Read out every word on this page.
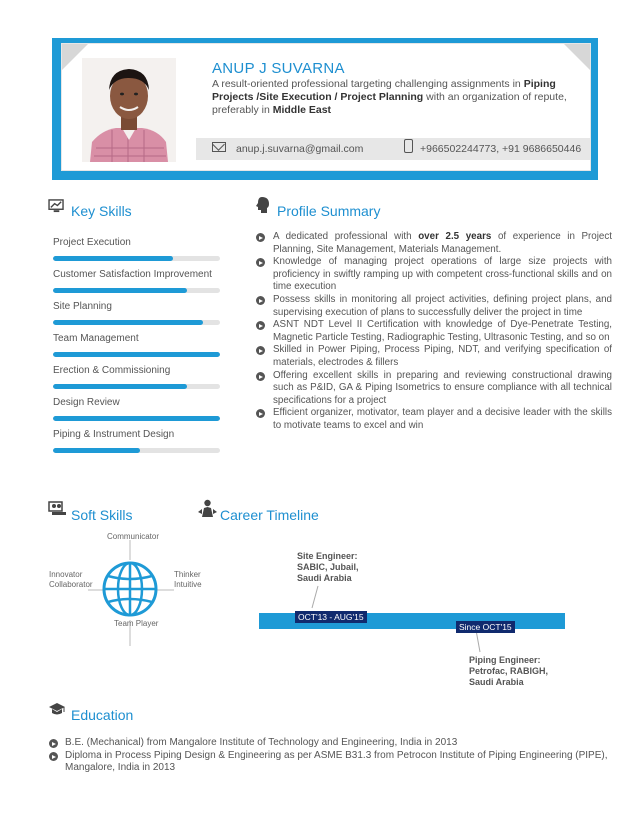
ANUP J SUVARNA
A result-oriented professional targeting challenging assignments in Piping Projects /Site Execution / Project Planning with an organization of repute, preferably in Middle East
anup.j.suvarna@gmail.com	+966502244773, +91 9686650446
Key Skills
Project Execution
Customer Satisfaction Improvement
Site Planning
Team Management
Erection & Commissioning
Design Review
Piping & Instrument Design
Profile Summary
A dedicated professional with over 2.5 years of experience in Project Planning, Site Management, Materials Management.
Knowledge of managing project operations of large size projects with proficiency in swiftly ramping up with competent cross-functional skills and on time execution
Possess skills in monitoring all project activities, defining project plans, and supervising execution of plans to successfully deliver the project in time
ASNT NDT Level II Certification with knowledge of Dye-Penetrate Testing, Magnetic Particle Testing, Radiographic Testing, Ultrasonic Testing, and so on
Skilled in Power Piping, Process Piping, NDT, and verifying specification of materials, electrodes & fillers
Offering excellent skills in preparing and reviewing constructional drawing such as P&ID, GA & Piping Isometrics to ensure compliance with all technical specifications for a project
Efficient organizer, motivator, team player and a decisive leader with the skills to motivate teams to excel and win
Soft Skills
Communicator
Innovator
Collaborator
Thinker
Intuitive
Team Player
Career Timeline
Site Engineer:
SABIC, Jubail,
Saudi Arabia
OCT'13 - AUG'15
Since OCT'15
Piping Engineer:
Petrofac, RABIGH,
Saudi Arabia
Education
B.E. (Mechanical) from Mangalore Institute of Technology and Engineering, India in 2013
Diploma in Process Piping Design & Engineering as per ASME B31.3 from Petrocon Institute of Piping Engineering (PIPE), Mangalore, India in 2013
